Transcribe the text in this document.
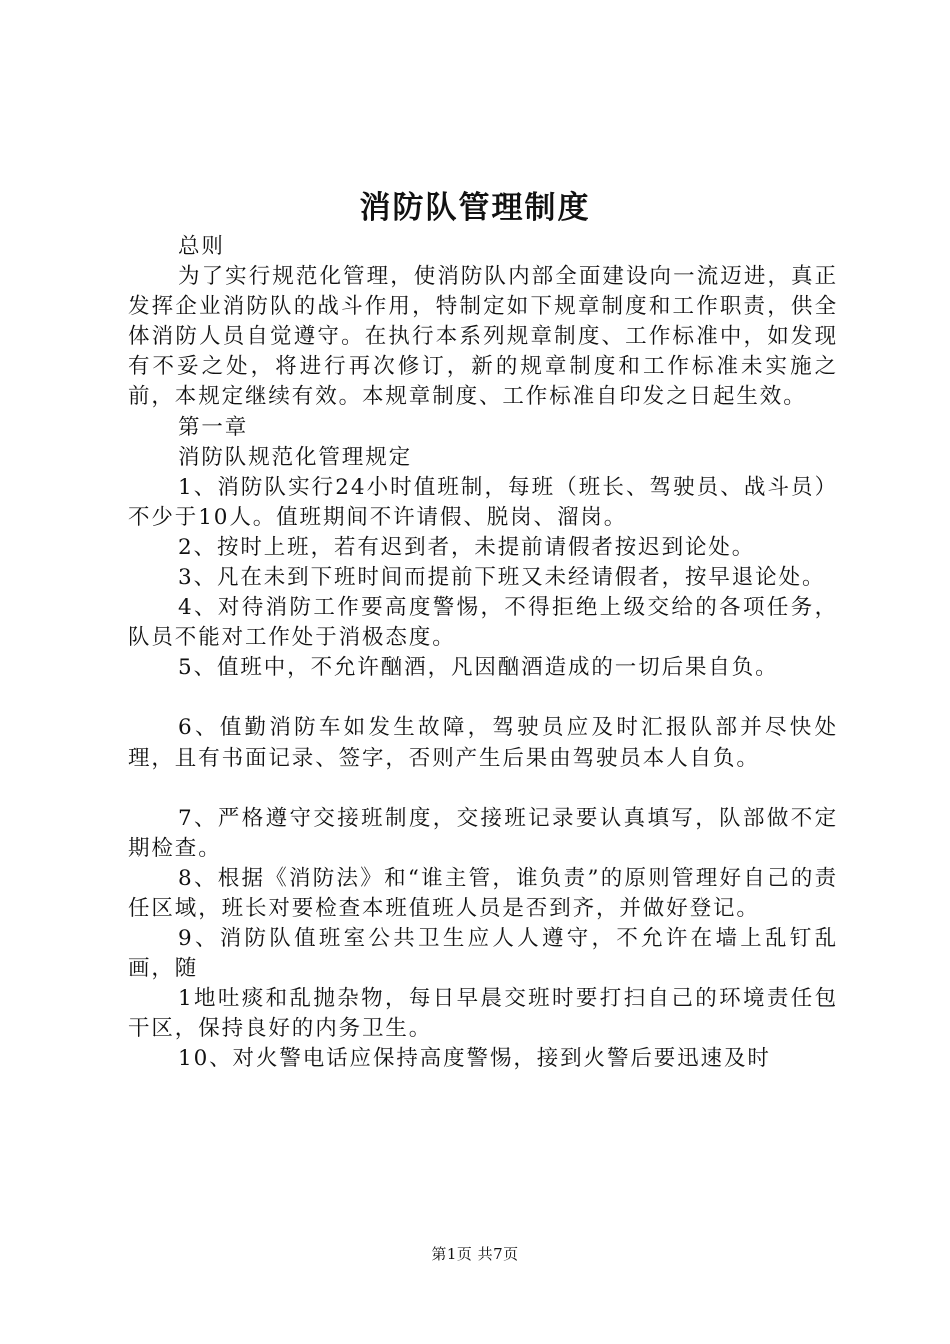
消防队管理制度

总则

为了实行规范化管理，使消防队内部全面建设向一流迈进，真正发挥企业消防队的战斗作用，特制定如下规章制度和工作职责，供全体消防人员自觉遵守。在执行本系列规章制度、工作标准中，如发现有不妥之处，将进行再次修订，新的规章制度和工作标准未实施之前，本规定继续有效。本规章制度、工作标准自印发之日起生效。

第一章

消防队规范化管理规定

1、消防队实行24小时值班制，每班（班长、驾驶员、战斗员）不少于10人。值班期间不许请假、脱岗、溜岗。

2、按时上班，若有迟到者，未提前请假者按迟到论处。

3、凡在未到下班时间而提前下班又未经请假者，按早退论处。

4、对待消防工作要高度警惕，不得拒绝上级交给的各项任务，队员不能对工作处于消极态度。

5、值班中，不允许酗酒，凡因酗酒造成的一切后果自负。

6、值勤消防车如发生故障，驾驶员应及时汇报队部并尽快处理，且有书面记录、签字，否则产生后果由驾驶员本人自负。

7、严格遵守交接班制度，交接班记录要认真填写，队部做不定期检查。

8、根据《消防法》和“谁主管，谁负责”的原则管理好自己的责任区域，班长对要检查本班值班人员是否到齐，并做好登记。

9、消防队值班室公共卫生应人人遵守，不允许在墙上乱钉乱画，随

1地吐痰和乱抛杂物，每日早晨交班时要打扫自己的环境责任包干区，保持良好的内务卫生。

10、对火警电话应保持高度警惕，接到火警后要迅速及时

第1页 共7页
